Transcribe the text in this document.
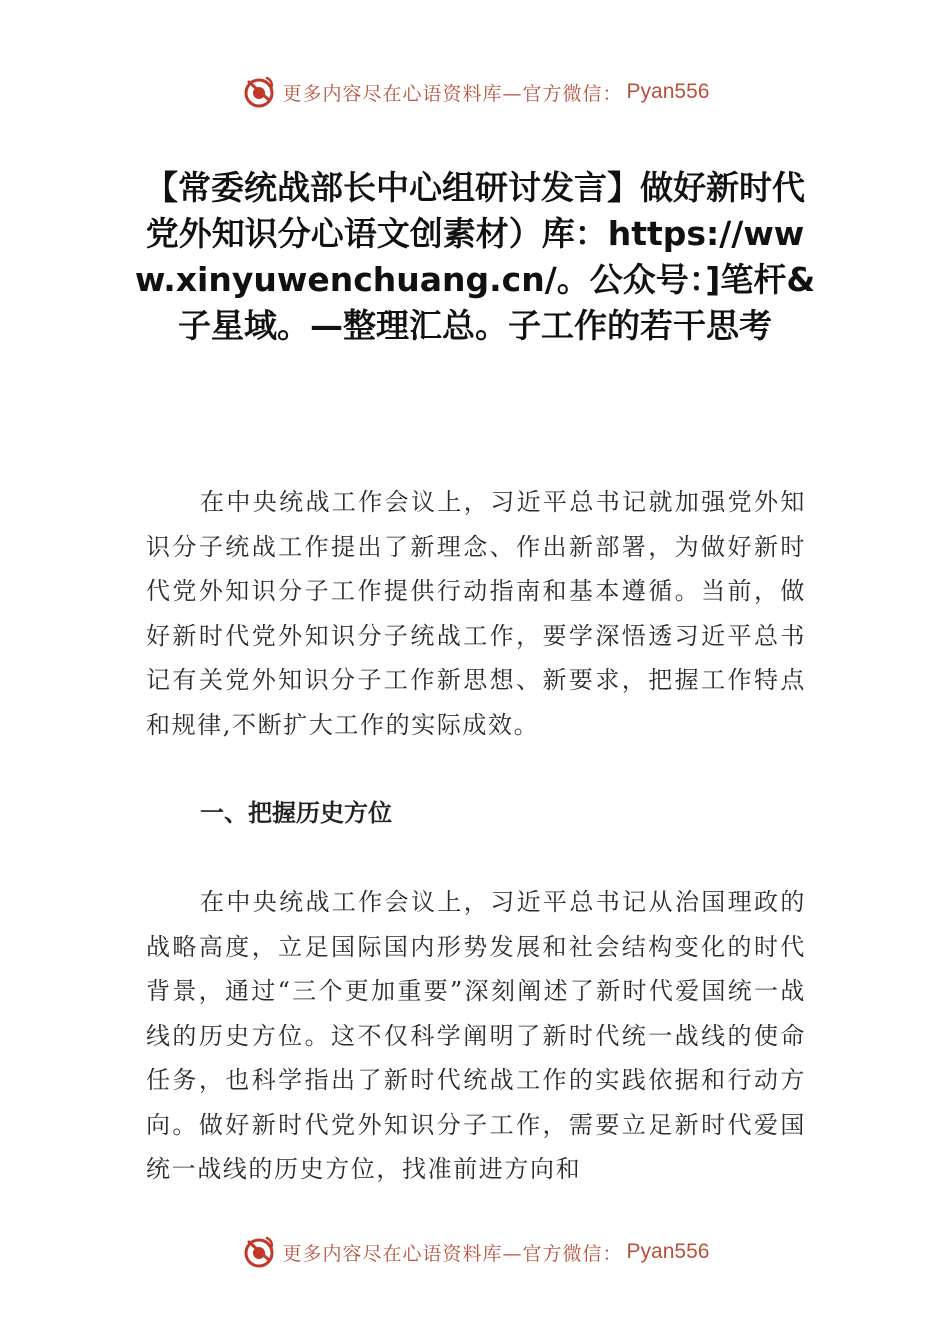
更多内容尽在心语资料库—官方微信： Pyan556
【常委统战部长中心组研讨发言】做好新时代党外知识分心语文创素材）库：https://www.xinyuwenchuang.cn/。公众号：]笔杆&子星域。—整理汇总。子工作的若干思考

在中央统战工作会议上，习近平总书记就加强党外知识分子统战工作提出了新理念、作出新部署，为做好新时代党外知识分子工作提供行动指南和基本遵循。当前，做好新时代党外知识分子统战工作，要学深悟透习近平总书记有关党外知识分子工作新思想、新要求，把握工作特点和规律,不断扩大工作的实际成效。

一、把握历史方位

在中央统战工作会议上，习近平总书记从治国理政的战略高度，立足国际国内形势发展和社会结构变化的时代背景，通过“三个更加重要”深刻阐述了新时代爱国统一战线的历史方位。这不仅科学阐明了新时代统一战线的使命任务，也科学指出了新时代统战工作的实践依据和行动方向。做好新时代党外知识分子工作，需要立足新时代爱国统一战线的历史方位，找准前进方向和

更多内容尽在心语资料库—官方微信： Pyan556
